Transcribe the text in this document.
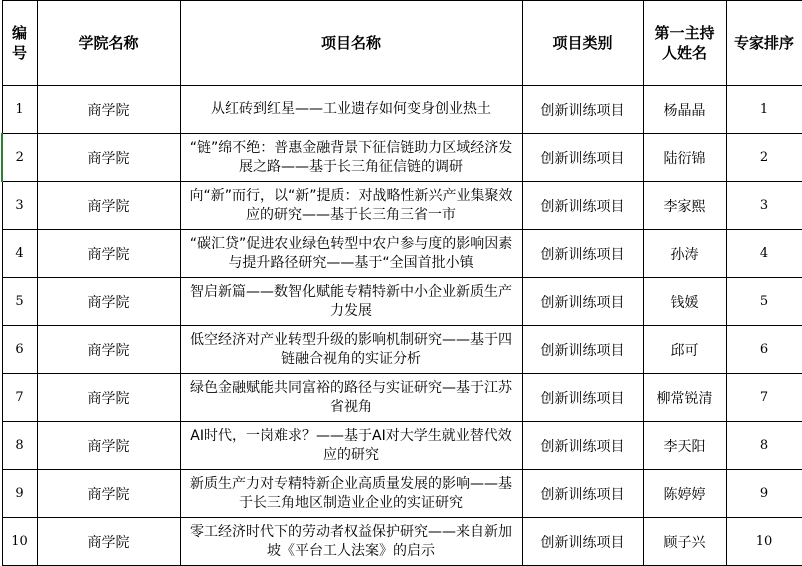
编号	学院名称	项目名称	项目类别	第一主持人姓名	专家排序
1	商学院	从红砖到红星——工业遗存如何变身创业热土	创新训练项目	杨晶晶	1
2	商学院	“链”绵不绝：普惠金融背景下征信链助力区域经济发展之路——基于长三角征信链的调研	创新训练项目	陆衍锦	2
3	商学院	向“新”而行，以“新”提质：对战略性新兴产业集聚效应的研究——基于长三角三省一市	创新训练项目	李家熙	3
4	商学院	“碳汇贷”促进农业绿色转型中农户参与度的影响因素与提升路径研究——基于“全国首批小镇	创新训练项目	孙涛	4
5	商学院	智启新篇——数智化赋能专精特新中小企业新质生产力发展	创新训练项目	钱媛	5
6	商学院	低空经济对产业转型升级的影响机制研究——基于四链融合视角的实证分析	创新训练项目	邱可	6
7	商学院	绿色金融赋能共同富裕的路径与实证研究—基于江苏省视角	创新训练项目	柳常锐清	7
8	商学院	AI时代，一岗难求？——基于AI对大学生就业替代效应的研究	创新训练项目	李天阳	8
9	商学院	新质生产力对专精特新企业高质量发展的影响——基于长三角地区制造业企业的实证研究	创新训练项目	陈婷婷	9
10	商学院	零工经济时代下的劳动者权益保护研究——来自新加坡《平台工人法案》的启示	创新训练项目	顾子兴	10
